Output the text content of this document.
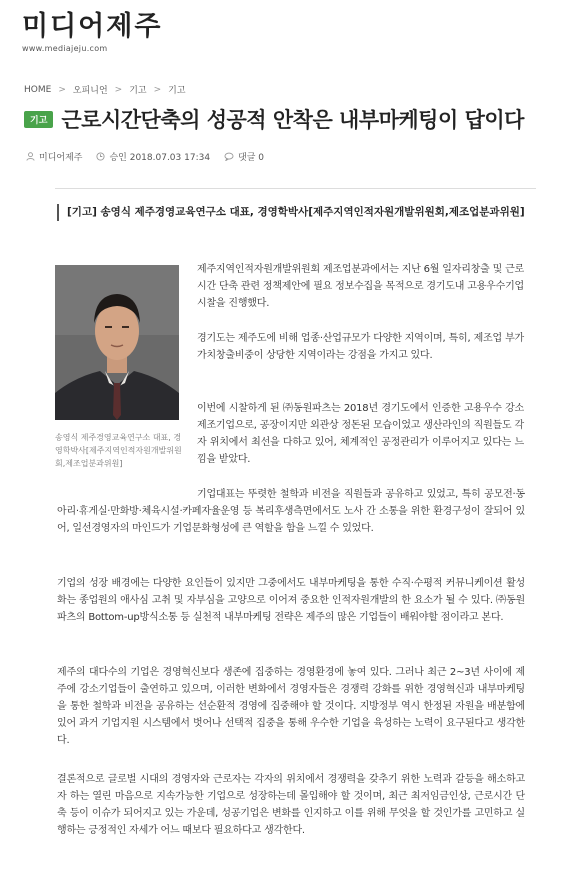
미디어제주
www.mediajeju.com
HOME > 오피니언 > 기고 > 기고
기고 근로시간단축의 성공적 안착은 내부마케팅이 답이다
미디어제주	승인 2018.07.03 17:34	댓글 0
[기고] 송영식 제주경영교육연구소 대표, 경영학박사[제주지역인적자원개발위원회,제조업분과위원]
송영식 제주경영교육연구소 대표, 경영학박사[제주지역인적자원개발위원회,제조업분과위원]

제주지역인적자원개발위원회 제조업분과에서는 지난 6월 일자리창출 및 근로시간 단축 관련 정책제안에 필요 정보수집을 목적으로 경기도내 고용우수기업 시찰을 진행했다.

경기도는 제주도에 비해 업종·산업규모가 다양한 지역이며, 특히, 제조업 부가가치창출비중이 상당한 지역이라는 강점을 가지고 있다.

이번에 시찰하게 된 ㈜동원파츠는 2018년 경기도에서 인증한 고용우수 강소제조기업으로, 공장이지만 외관상 정돈된 모습이었고 생산라인의 직원들도 각자 위치에서 최선을 다하고 있어, 체계적인 공정관리가 이루어지고 있다는 느낌을 받았다.

기업대표는 뚜렷한 철학과 비전을 직원들과 공유하고 있었고, 특히 공모전·동아리·휴게실·만화방·체육시설·카페자율운영 등 복리후생측면에서도 노사 간 소통을 위한 환경구성이 잘되어 있어, 일선경영자의 마인드가 기업문화형성에 큰 역할을 함을 느낄 수 있었다.

기업의 성장 배경에는 다양한 요인들이 있지만 그중에서도 내부마케팅을 통한 수직·수평적 커뮤니케이션 활성화는 종업원의 애사심 고취 및 자부심을 고양으로 이어져 중요한 인적자원개발의 한 요소가 될 수 있다. ㈜동원파츠의 Bottom-up방식소통 등 실천적 내부마케팅 전략은 제주의 많은 기업들이 배워야할 점이라고 본다.

제주의 대다수의 기업은 경영혁신보다 생존에 집중하는 경영환경에 놓여 있다. 그러나 최근 2~3년 사이에 제주에 강소기업들이 출연하고 있으며, 이러한 변화에서 경영자들은 경쟁력 강화를 위한 경영혁신과 내부마케팅을 통한 철학과 비전을 공유하는 선순환적 경영에 집중해야 할 것이다. 지방정부 역시 한정된 자원을 배분함에 있어 과거 기업지원 시스템에서 벗어나 선택적 집중을 통해 우수한 기업을 육성하는 노력이 요구된다고 생각한다.

결론적으로 글로벌 시대의 경영자와 근로자는 각자의 위치에서 경쟁력을 갖추기 위한 노력과 갈등을 해소하고자 하는 열린 마음으로 지속가능한 기업으로 성장하는데 몰입해야 할 것이며, 최근 최저임금인상, 근로시간 단축 등이 이슈가 되어지고 있는 가운데, 성공기업은 변화를 인지하고 이를 위해 무엇을 할 것인가를 고민하고 실행하는 긍정적인 자세가 어느 때보다 필요하다고 생각한다.
